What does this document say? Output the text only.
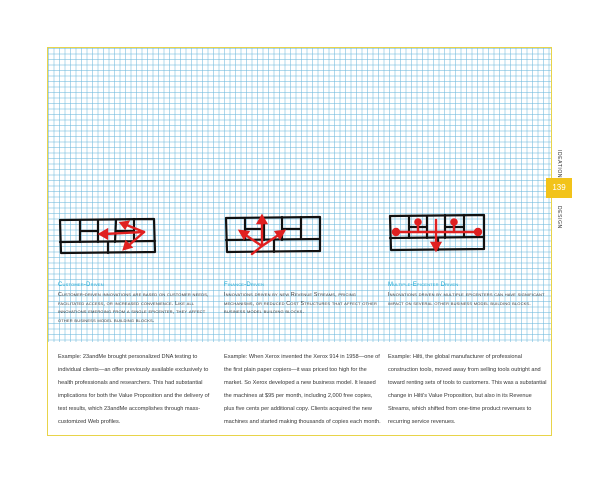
139
IDEATION
DESIGN
Customer-Driven
Customer-driven innovations are based on customer needs, facilitated access, or increased convenience. Like all innovations emerging from a single epicenter, they affect other business model building blocks.
Example: 23andMe brought personalized DNA testing to individual clients—an offer previously available exclusively to health professionals and researchers. This had substantial implications for both the Value Proposition and the delivery of test results, which 23andMe accomplishes through mass-customized Web profiles.
Finance-Driven
Innovations driven by new Revenue Streams, pricing mechanisms, or reduced Cost Structures that affect other business model building blocks.
Example: When Xerox invented the Xerox 914 in 1958—one of the first plain paper copiers—it was priced too high for the market. So Xerox developed a new business model. It leased the machines at $95 per month, including 2,000 free copies, plus five cents per additional copy. Clients acquired the new machines and started making thousands of copies each month.
Multiple-Epicenter Driven
Innovations driven by multiple epicenters can have significant impact on several other business model building blocks.
Example: Hilti, the global manufacturer of professional construction tools, moved away from selling tools outright and toward renting sets of tools to customers. This was a substantial change in Hilti's Value Proposition, but also in its Revenue Streams, which shifted from one-time product revenues to recurring service revenues.
